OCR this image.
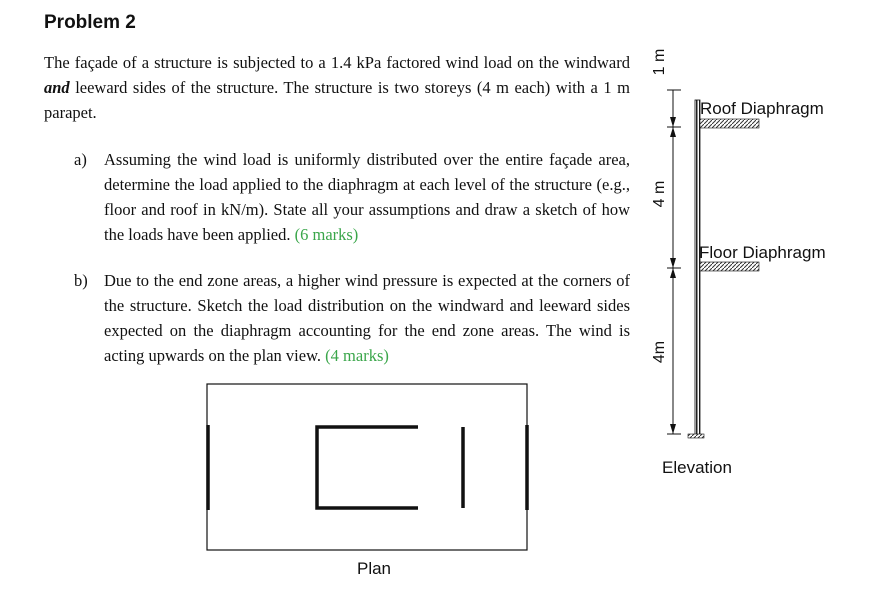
Problem 2
The façade of a structure is subjected to a 1.4 kPa factored wind load on the windward and leeward sides of the structure. The structure is two storeys (4 m each) with a 1 m parapet.
a) Assuming the wind load is uniformly distributed over the entire façade area, determine the load applied to the diaphragm at each level of the structure (e.g., floor and roof in kN/m). State all your assumptions and draw a sketch of how the loads have been applied. (6 marks)
b) Due to the end zone areas, a higher wind pressure is expected at the corners of the structure. Sketch the load distribution on the windward and leeward sides expected on the diaphragm accounting for the end zone areas. The wind is acting upwards on the plan view. (4 marks)
Plan
1 m
4 m
4m
Roof Diaphragm
Floor Diaphragm
Elevation
